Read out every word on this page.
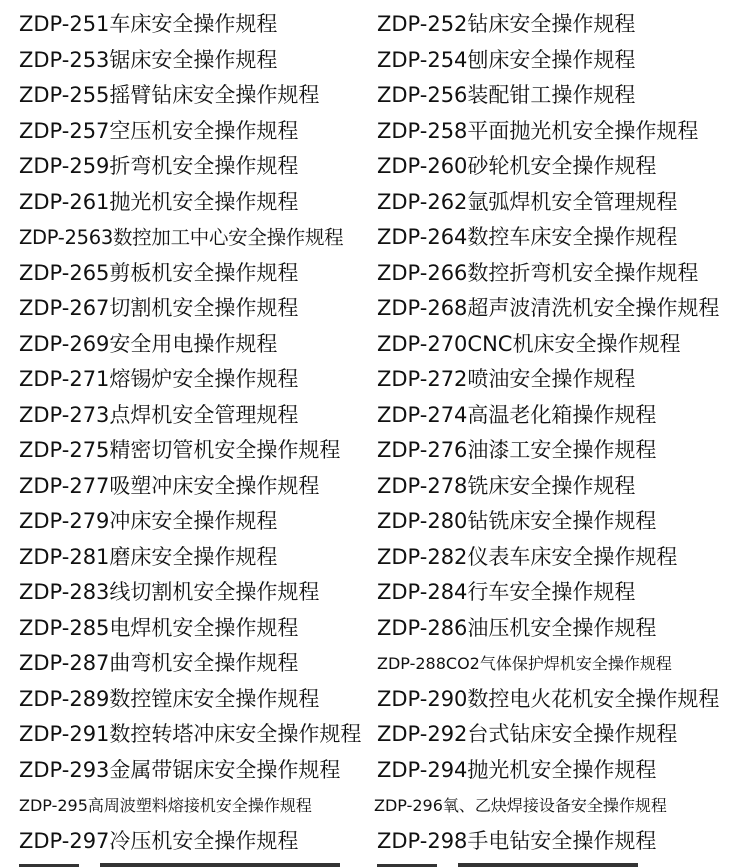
ZDP-251车床安全操作规程	ZDP-252钻床安全操作规程
ZDP-253锯床安全操作规程	ZDP-254刨床安全操作规程
ZDP-255摇臂钻床安全操作规程	ZDP-256装配钳工操作规程
ZDP-257空压机安全操作规程	ZDP-258平面抛光机安全操作规程
ZDP-259折弯机安全操作规程	ZDP-260砂轮机安全操作规程
ZDP-261抛光机安全操作规程	ZDP-262氩弧焊机安全管理规程
ZDP-2563数控加工中心安全操作规程 ZDP-264数控车床安全操作规程
ZDP-265剪板机安全操作规程	ZDP-266数控折弯机安全操作规程
ZDP-267切割机安全操作规程	ZDP-268超声波清洗机安全操作规程
ZDP-269安全用电操作规程	ZDP-270CNC机床安全操作规程
ZDP-271熔锡炉安全操作规程	ZDP-272喷油安全操作规程
ZDP-273点焊机安全管理规程	ZDP-274高温老化箱操作规程
ZDP-275精密切管机安全操作规程 ZDP-276油漆工安全操作规程
ZDP-277吸塑冲床安全操作规程	ZDP-278铣床安全操作规程
ZDP-279冲床安全操作规程	ZDP-280钻铣床安全操作规程
ZDP-281磨床安全操作规程	ZDP-282仪表车床安全操作规程
ZDP-283线切割机安全操作规程	ZDP-284行车安全操作规程
ZDP-285电焊机安全操作规程	ZDP-286油压机安全操作规程
ZDP-287曲弯机安全操作规程	ZDP-288CO2气体保护焊机安全操作规程
ZDP-289数控镗床安全操作规程	ZDP-290数控电火花机安全操作规程
ZDP-291数控转塔冲床安全操作规程 ZDP-292台式钻床安全操作规程
ZDP-293金属带锯床安全操作规程 ZDP-294抛光机安全操作规程
ZDP-295高周波塑料熔接机安全操作规程	ZDP-296氧、乙炔焊接设备安全操作规程
ZDP-297冷压机安全操作规程	ZDP-298手电钻安全操作规程
